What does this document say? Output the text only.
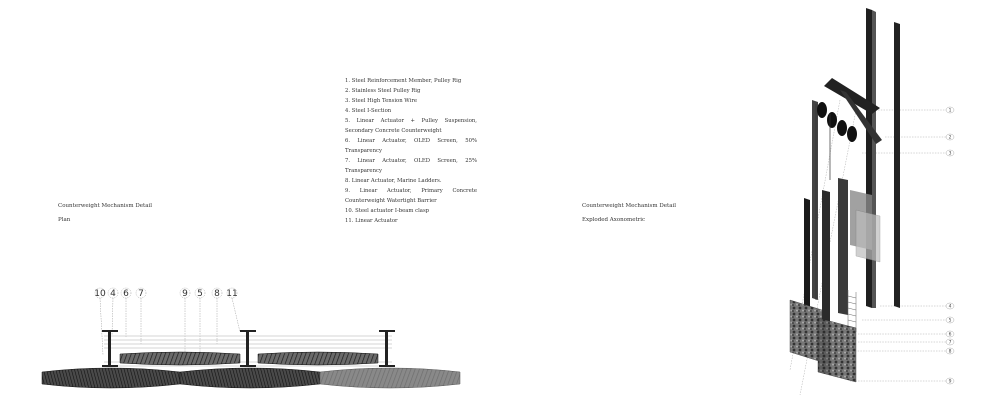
Counterweight Mechanism Detail
Plan
Counterweight Mechanism Detail
Exploded Axonometric
1. Steel Reinforcement Member, Pulley Rig
2. Stainless Steel Pulley Rig
3. Steel High Tension Wire
4. Steel I-Section
5. Linear Actuator + Pulley Suspension, Secondary Concrete Counterweight
6. Linear Actuator, OLED Screen, 50% Transparency
7. Linear Actuator, OLED Screen, 25% Transparency
8. Linear Actuator, Marine Ladders.
9. Linear Actuator, Primary Concrete Counterweight Watertight Barrier
10. Steel actuator I-beam clasp
11. Linear Actuator
10 4 6 7	9 5 8 11
1
2
3
4
5
6
7
8
9
